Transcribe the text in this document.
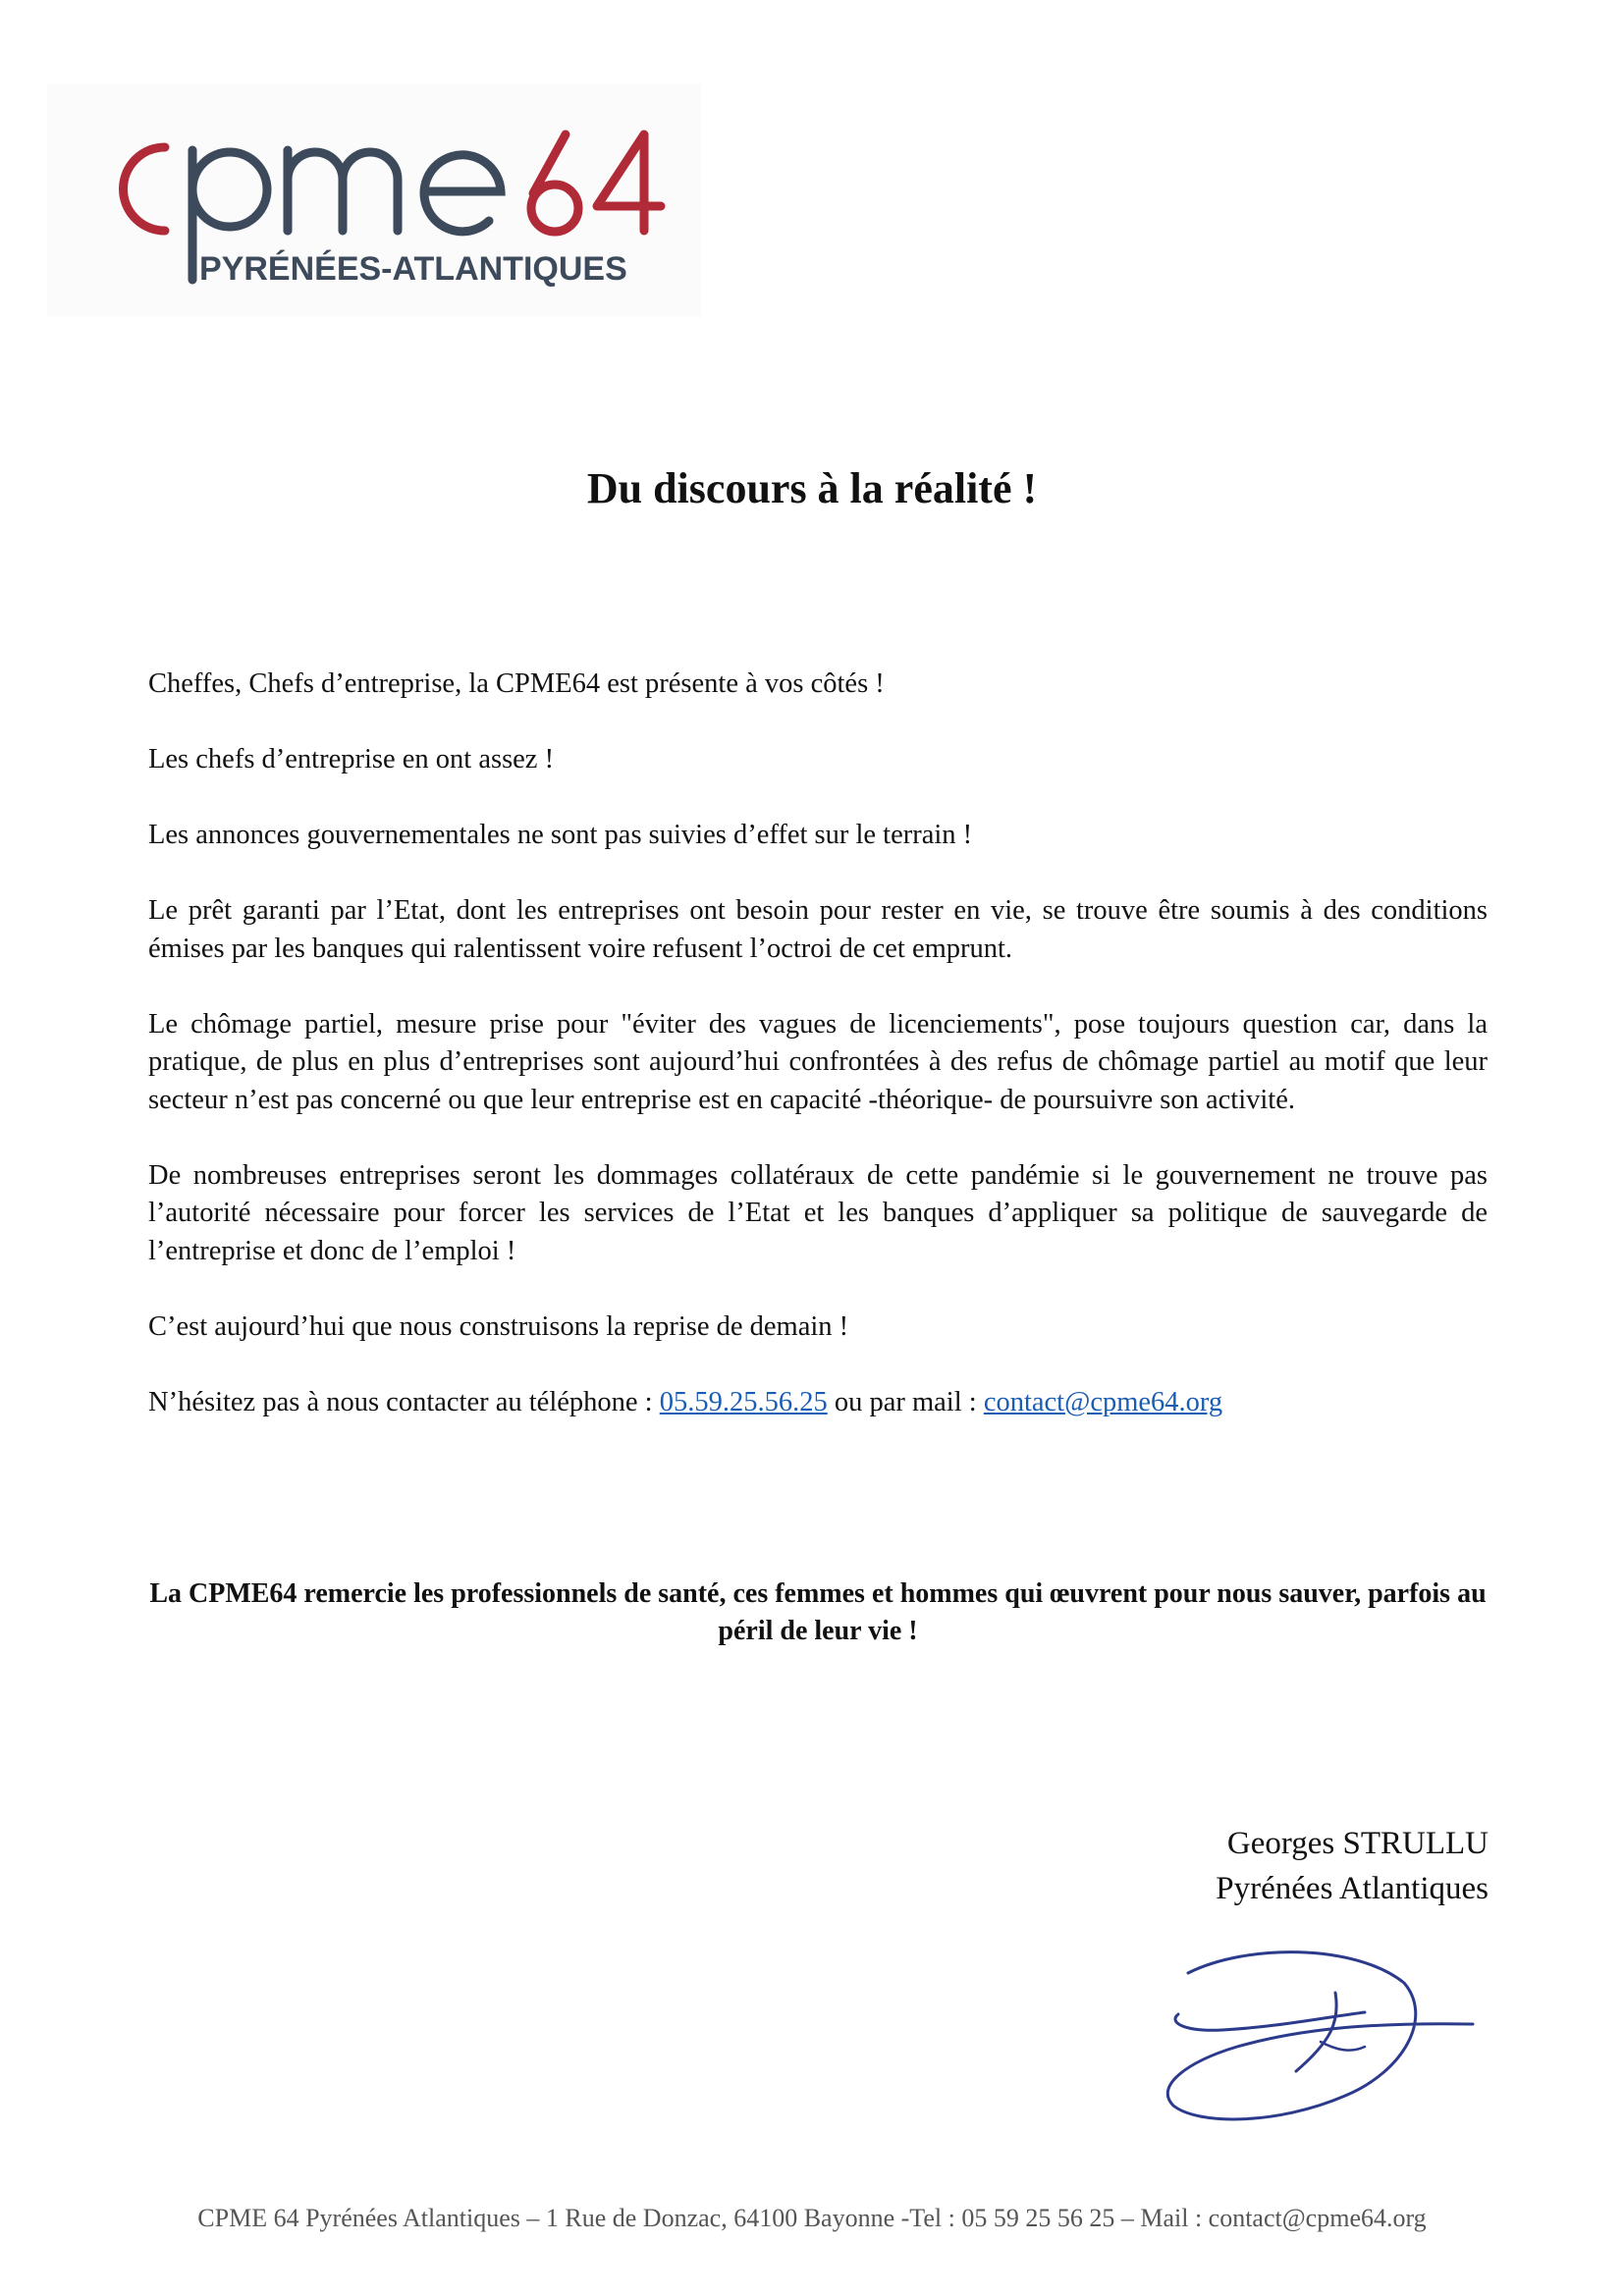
PYRÉNÉES-ATLANTIQUES
Du discours à la réalité !

Cheffes, Chefs d’entreprise, la CPME64 est présente à vos côtés !

Les chefs d’entreprise en ont assez !

Les annonces gouvernementales ne sont pas suivies d’effet sur le terrain !

Le prêt garanti par l’Etat, dont les entreprises ont besoin pour rester en vie, se trouve être soumis à des conditions émises par les banques qui ralentissent voire refusent l’octroi de cet emprunt.

Le chômage partiel, mesure prise pour "éviter des vagues de licenciements", pose toujours question car, dans la pratique, de plus en plus d’entreprises sont aujourd’hui confrontées à des refus de chômage partiel au motif que leur secteur n’est pas concerné ou que leur entreprise est en capacité -théorique- de poursuivre son activité.

De nombreuses entreprises seront les dommages collatéraux de cette pandémie si le gouvernement ne trouve pas l’autorité nécessaire pour forcer les services de l’Etat et les banques d’appliquer sa politique de sauvegarde de l’entreprise et donc de l’emploi !

C’est aujourd’hui que nous construisons la reprise de demain !

N’hésitez pas à nous contacter au téléphone : 05.59.25.56.25 ou par mail : contact@cpme64.org

La CPME64 remercie les professionnels de santé, ces femmes et hommes qui œuvrent pour nous sauver, parfois au péril de leur vie !

Georges STRULLU
Pyrénées Atlantiques
CPME 64 Pyrénées Atlantiques – 1 Rue de Donzac, 64100 Bayonne -Tel : 05 59 25 56 25 – Mail : contact@cpme64.org
